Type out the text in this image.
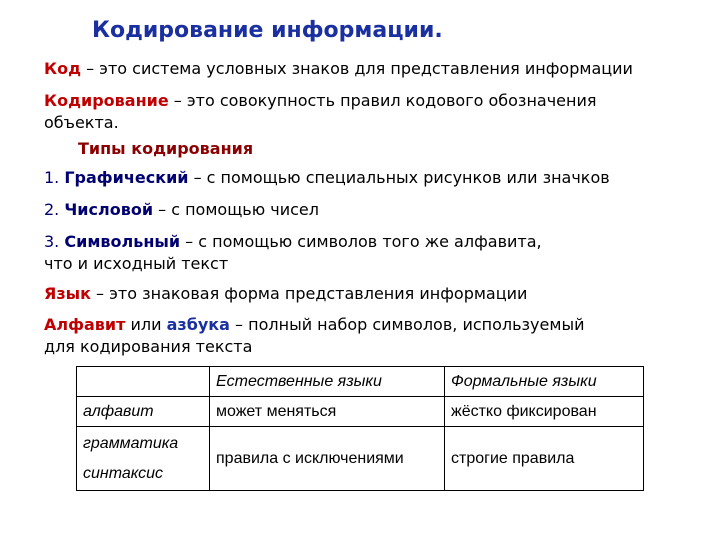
Кодирование информации.
Код – это система условных знаков для представления информации
Кодирование – это совокупность правил кодового обозначения
объекта.
Типы кодирования
1. Графический – с помощью специальных рисунков или значков
2. Числовой – с помощью чисел
3. Символьный – с помощью символов того же алфавита,
что и исходный текст
Язык – это знаковая форма представления информации
Алфавит или азбука – полный набор символов, используемый
для кодирования текста
	Естественные языки	Формальные языки
алфавит	может меняться	жёстко фиксирован

грамматика
синтаксис	правила с исключениями	строгие правила
